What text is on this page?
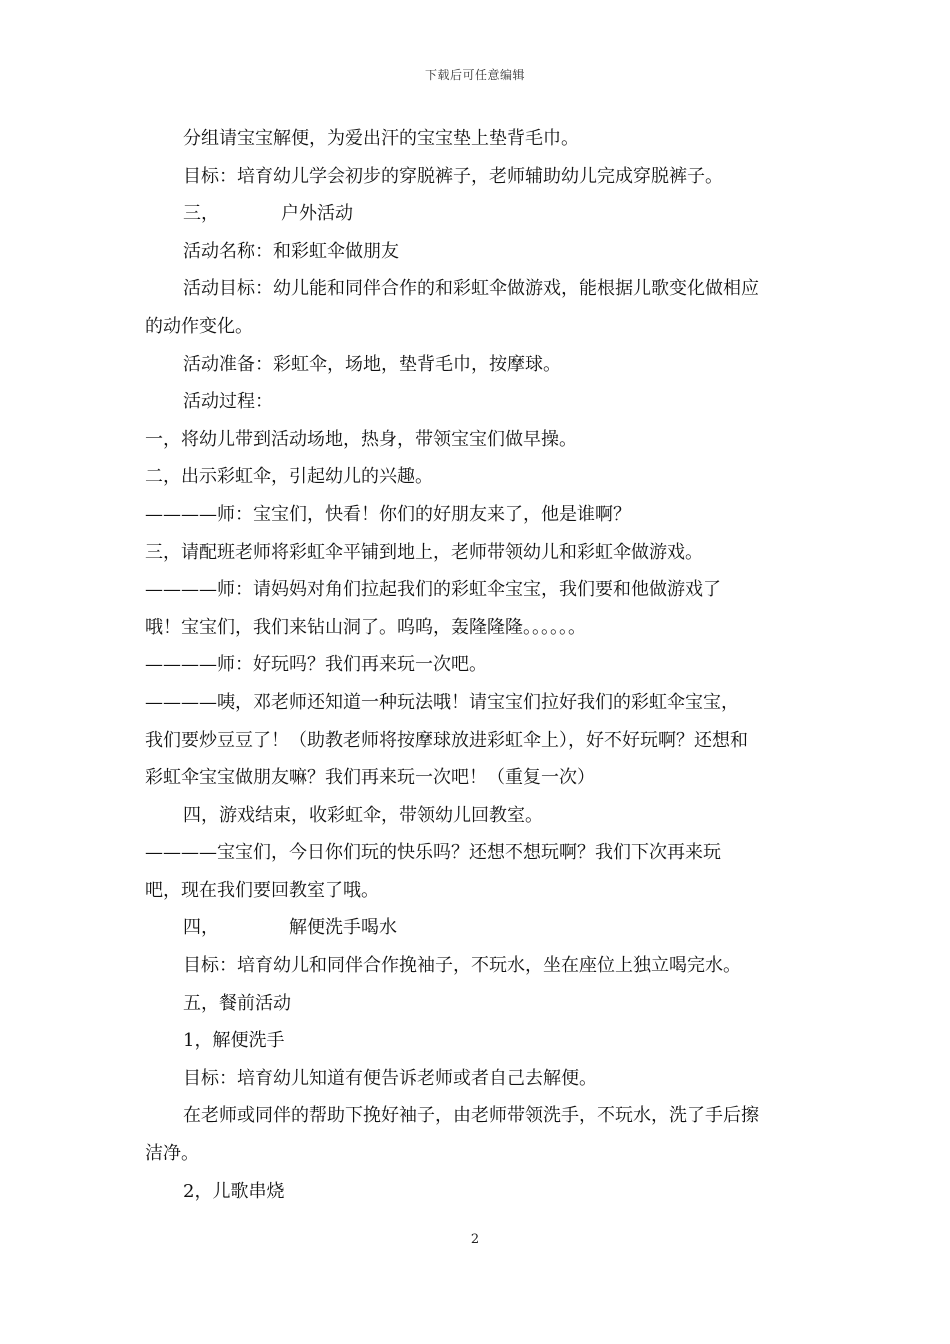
下载后可任意编辑

分组请宝宝解便，为爱出汗的宝宝垫上垫背毛巾。

目标：培育幼儿学会初步的穿脱裤子，老师辅助幼儿完成穿脱裤子。

三，	户外活动

活动名称：和彩虹伞做朋友

活动目标：幼儿能和同伴合作的和彩虹伞做游戏，能根据儿歌变化做相应

的动作变化。

活动准备：彩虹伞，场地，垫背毛巾，按摩球。

活动过程：

一，将幼儿带到活动场地，热身，带领宝宝们做早操。

二，出示彩虹伞，引起幼儿的兴趣。

————师：宝宝们，快看！你们的好朋友来了，他是谁啊？

三，请配班老师将彩虹伞平铺到地上，老师带领幼儿和彩虹伞做游戏。

————师：请妈妈对角们拉起我们的彩虹伞宝宝，我们要和他做游戏了

哦！宝宝们，我们来钻山洞了。呜呜，轰隆隆隆。。。。。。

————师：好玩吗？我们再来玩一次吧。

————咦，邓老师还知道一种玩法哦！请宝宝们拉好我们的彩虹伞宝宝，

我们要炒豆豆了！（助教老师将按摩球放进彩虹伞上），好不好玩啊？还想和

彩虹伞宝宝做朋友嘛？我们再来玩一次吧！（重复一次）

四，游戏结束，收彩虹伞，带领幼儿回教室。

————宝宝们，今日你们玩的快乐吗？还想不想玩啊？我们下次再来玩

吧，现在我们要回教室了哦。

四，	解便洗手喝水

目标：培育幼儿和同伴合作挽袖子，不玩水，坐在座位上独立喝完水。

五，餐前活动

1，解便洗手

目标：培育幼儿知道有便告诉老师或者自己去解便。

在老师或同伴的帮助下挽好袖子，由老师带领洗手，不玩水，洗了手后擦

洁净。

2，儿歌串烧

2
